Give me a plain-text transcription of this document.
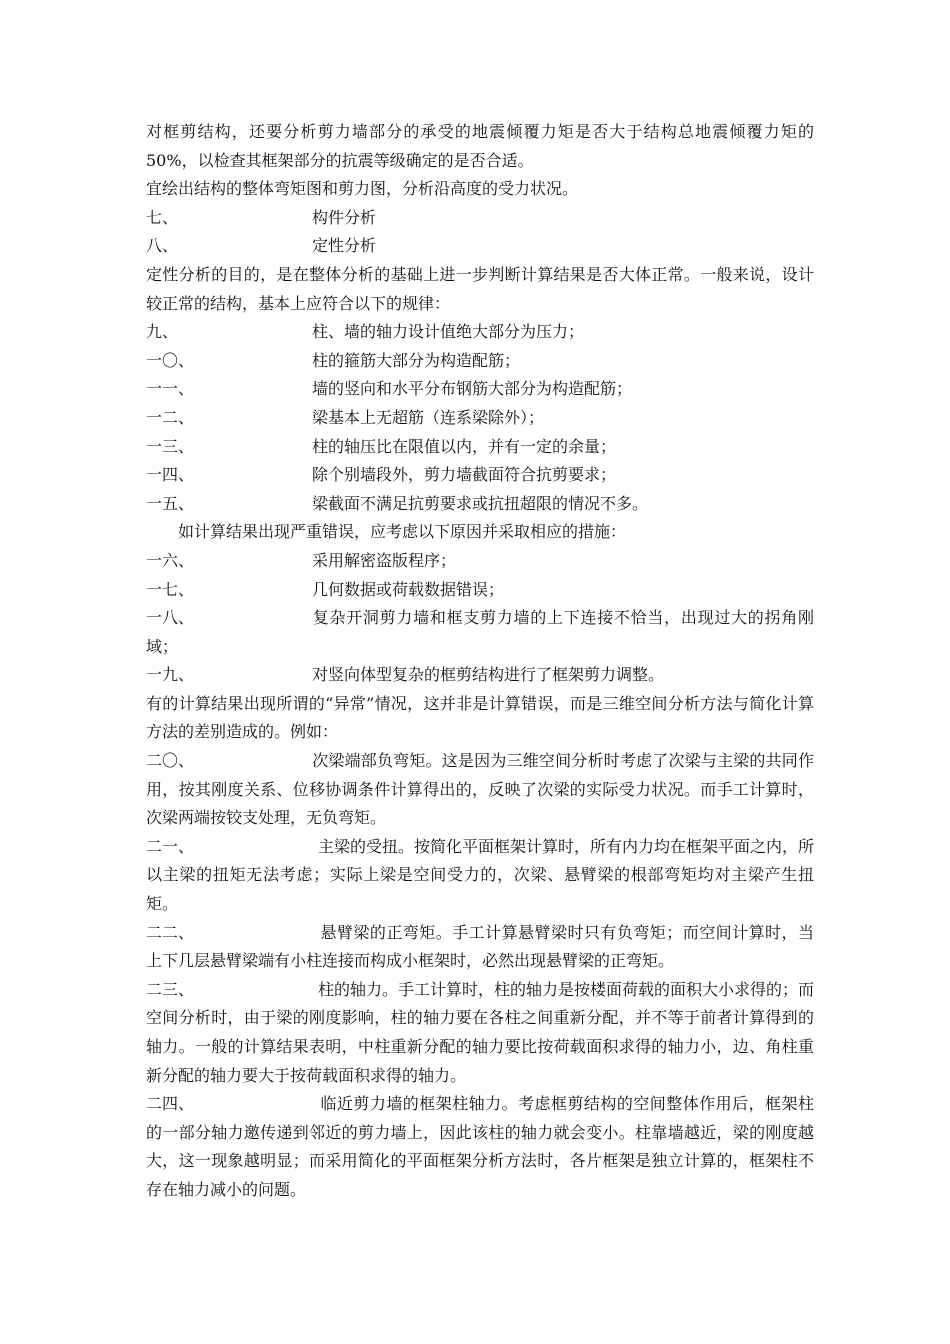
对框剪结构，还要分析剪力墙部分的承受的地震倾覆力矩是否大于结构总地震倾覆力矩的50%，以检查其框架部分的抗震等级确定的是否合适。

宜绘出结构的整体弯矩图和剪力图，分析沿高度的受力状况。

七、	构件分析
八、	定性分析

定性分析的目的，是在整体分析的基础上进一步判断计算结果是否大体正常。一般来说，设计较正常的结构，基本上应符合以下的规律：

九、	柱、墙的轴力设计值绝大部分为压力；
一〇、	柱的箍筋大部分为构造配筋；
一一、	墙的竖向和水平分布钢筋大部分为构造配筋；
一二、	梁基本上无超筋（连系梁除外）；
一三、	柱的轴压比在限值以内，并有一定的余量；
一四、	除个别墙段外，剪力墙截面符合抗剪要求；
一五、	梁截面不满足抗剪要求或抗扭超限的情况不多。

如计算结果出现严重错误，应考虑以下原因并采取相应的措施：

一六、	采用解密盗版程序；
一七、	几何数据或荷载数据错误；

一八、	复杂开洞剪力墙和框支剪力墙的上下连接不恰当，出现过大的拐角刚域；

一九、	对竖向体型复杂的框剪结构进行了框架剪力调整。

有的计算结果出现所谓的“异常”情况，这并非是计算错误，而是三维空间分析方法与简化计算方法的差别造成的。例如：

二〇、	次梁端部负弯矩。这是因为三维空间分析时考虑了次梁与主梁的共同作用，按其刚度关系、位移协调条件计算得出的，反映了次梁的实际受力状况。而手工计算时，次梁两端按铰支处理，无负弯矩。

二一、	主梁的受扭。按简化平面框架计算时，所有内力均在框架平面之内，所以主梁的扭矩无法考虑；实际上梁是空间受力的，次梁、悬臂梁的根部弯矩均对主梁产生扭矩。

二二、	悬臂梁的正弯矩。手工计算悬臂梁时只有负弯矩；而空间计算时，当上下几层悬臂梁端有小柱连接而构成小框架时，必然出现悬臂梁的正弯矩。

二三、	柱的轴力。手工计算时，柱的轴力是按楼面荷载的面积大小求得的；而空间分析时，由于梁的刚度影响，柱的轴力要在各柱之间重新分配，并不等于前者计算得到的轴力。一般的计算结果表明，中柱重新分配的轴力要比按荷载面积求得的轴力小，边、角柱重新分配的轴力要大于按荷载面积求得的轴力。

二四、	临近剪力墙的框架柱轴力。考虑框剪结构的空间整体作用后，框架柱的一部分轴力邀传递到邻近的剪力墙上，因此该柱的轴力就会变小。柱靠墙越近，梁的刚度越大，这一现象越明显；而采用简化的平面框架分析方法时，各片框架是独立计算的，框架柱不存在轴力减小的问题。
